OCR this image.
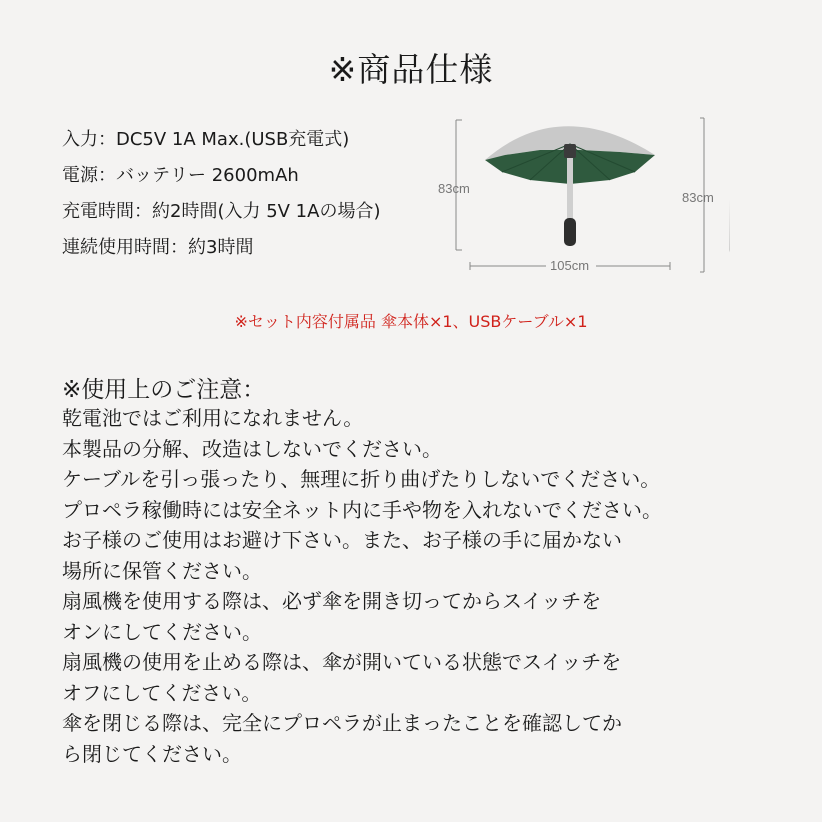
※商品仕様
入力：DC5V 1A Max.(USB充電式)
電源：バッテリー 2600mAh
充電時間：約2時間(入力 5V 1Aの場合)
連続使用時間：約3時間
83cm
105cm
83cm
※セット内容付属品 傘本体×1、USBケーブル×1
※使用上のご注意：
乾電池ではご利用になれません。
本製品の分解、改造はしないでください。
ケーブルを引っ張ったり、無理に折り曲げたりしないでください。
プロペラ稼働時には安全ネット内に手や物を入れないでください。
お子様のご使用はお避け下さい。また、お子様の手に届かない
場所に保管ください。
扇風機を使用する際は、必ず傘を開き切ってからスイッチを
オンにしてください。
扇風機の使用を止める際は、傘が開いている状態でスイッチを
オフにしてください。
傘を閉じる際は、完全にプロペラが止まったことを確認してか
ら閉じてください。
